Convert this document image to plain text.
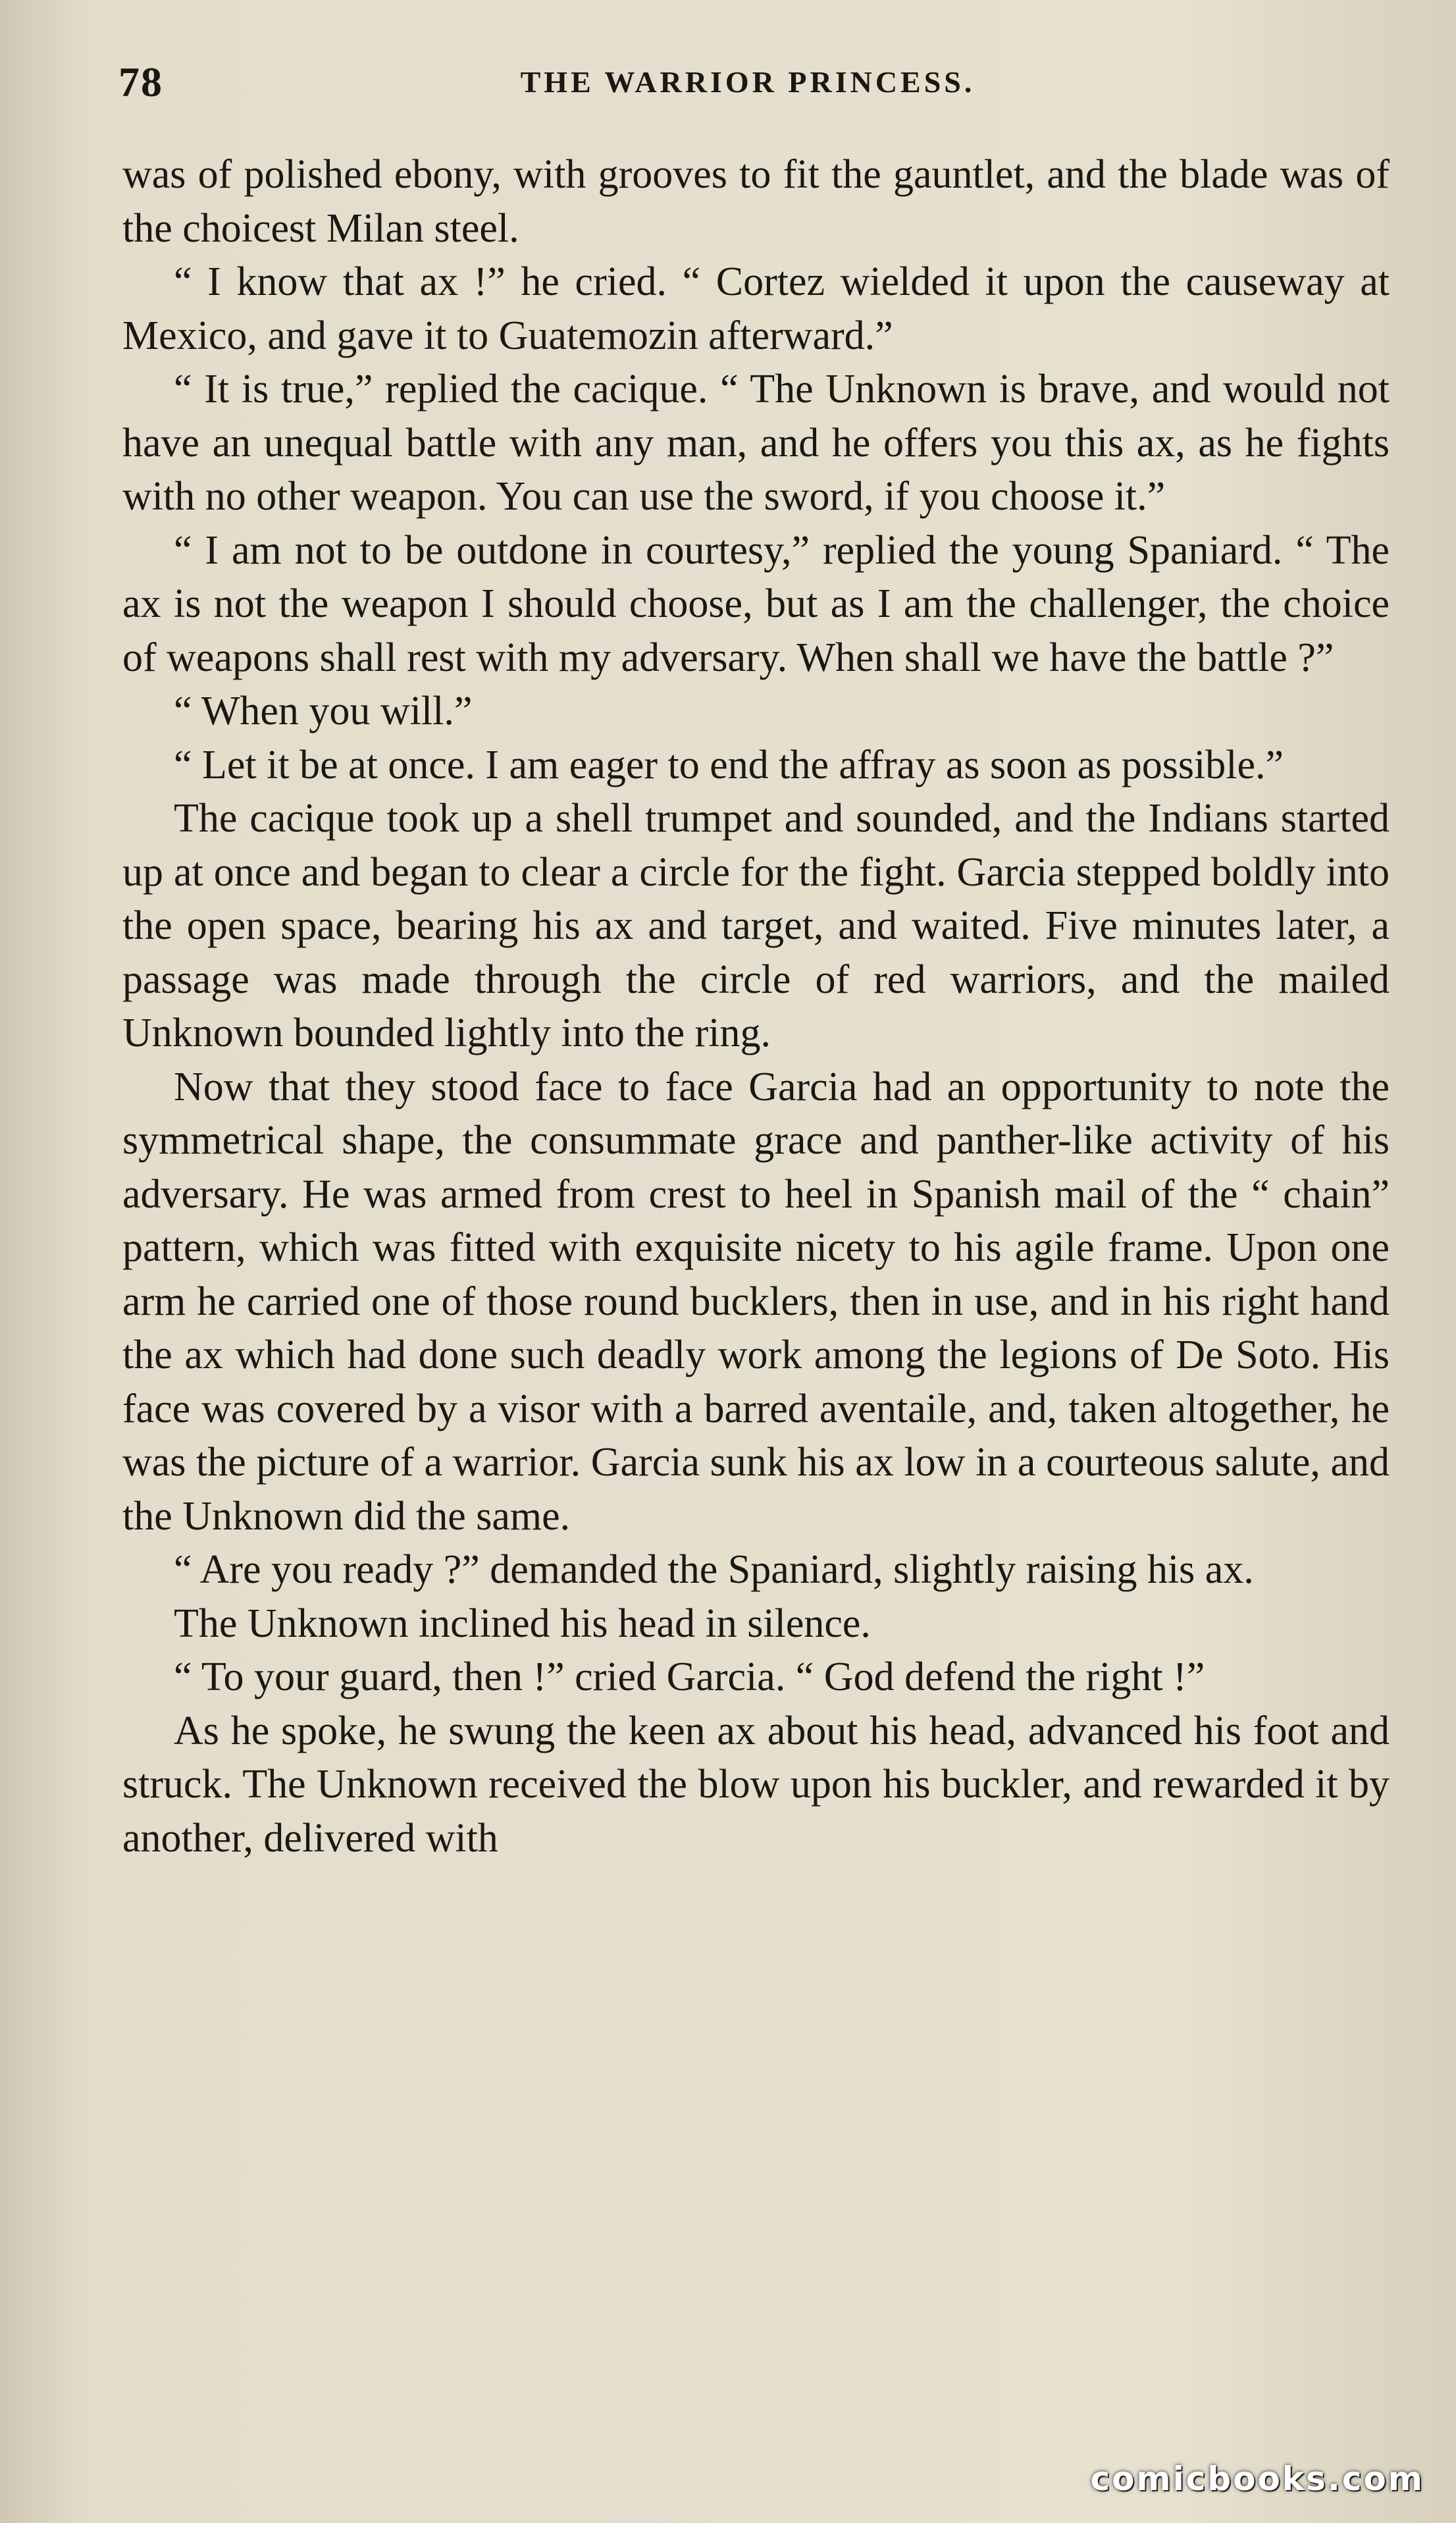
78	THE WARRIOR PRINCESS.

was of polished ebony, with grooves to fit the gauntlet, and the blade was of the choicest Milan steel.

“ I know that ax !” he cried. “ Cortez wielded it upon the causeway at Mexico, and gave it to Guatemozin afterward.”

“ It is true,” replied the cacique. “ The Unknown is brave, and would not have an unequal battle with any man, and he offers you this ax, as he fights with no other weapon. You can use the sword, if you choose it.”

“ I am not to be outdone in courtesy,” replied the young Spaniard. “ The ax is not the weapon I should choose, but as I am the challenger, the choice of weapons shall rest with my adversary. When shall we have the battle ?”

“ When you will.”

“ Let it be at once. I am eager to end the affray as soon as possible.”

The cacique took up a shell trumpet and sounded, and the Indians started up at once and began to clear a circle for the fight. Garcia stepped boldly into the open space, bearing his ax and target, and waited. Five minutes later, a passage was made through the circle of red warriors, and the mailed Unknown bounded lightly into the ring.

Now that they stood face to face Garcia had an opportunity to note the symmetrical shape, the consummate grace and panther-like activity of his adversary. He was armed from crest to heel in Spanish mail of the “ chain” pattern, which was fitted with exquisite nicety to his agile frame. Upon one arm he carried one of those round bucklers, then in use, and in his right hand the ax which had done such deadly work among the legions of De Soto. His face was covered by a visor with a barred aventaile, and, taken altogether, he was the picture of a warrior. Garcia sunk his ax low in a courteous salute, and the Unknown did the same.

“ Are you ready ?” demanded the Spaniard, slightly raising his ax.

The Unknown inclined his head in silence.

“ To your guard, then !” cried Garcia. “ God defend the right !”

As he spoke, he swung the keen ax about his head, advanced his foot and struck. The Unknown received the blow upon his buckler, and rewarded it by another, delivered with

comicbooks.com
